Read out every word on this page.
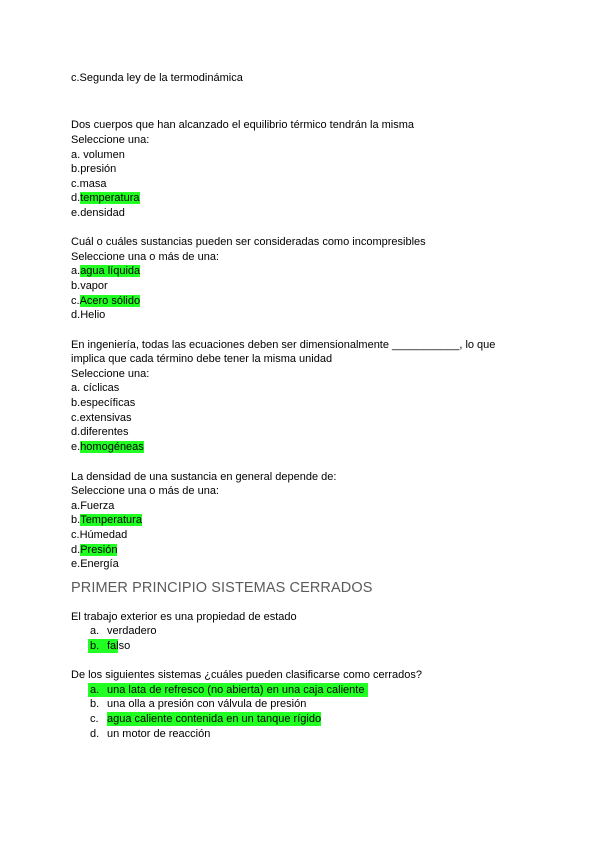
c.Segunda ley de la termodinámica
Dos cuerpos que han alcanzado el equilibrio térmico tendrán la misma
Seleccione una:
a. volumen
b.presión
c.masa
d.temperatura
e.densidad
Cuál o cuáles sustancias pueden ser consideradas como incompresibles
Seleccione una o más de una:
a.agua líquida
b.vapor
c.Acero sólido
d.Helio
En ingeniería, todas las ecuaciones deben ser dimensionalmente ___________, lo que
implica que cada término debe tener la misma unidad
Seleccione una:
a. cíclicas
b.específicas
c.extensivas
d.diferentes
e.homogéneas
La densidad de una sustancia en general depende de:
Seleccione una o más de una:
a.Fuerza
b.Temperatura
c.Húmedad
d.Presión
e.Energía
PRIMER PRINCIPIO SISTEMAS CERRADOS
El trabajo exterior es una propiedad de estado
a. verdadero
b. falso
De los siguientes sistemas ¿cuáles pueden clasificarse como cerrados?
a. una lata de refresco (no abierta) en una caja caliente
b. una olla a presión con válvula de presión
c. agua caliente contenida en un tanque rígido
d. un motor de reacción
